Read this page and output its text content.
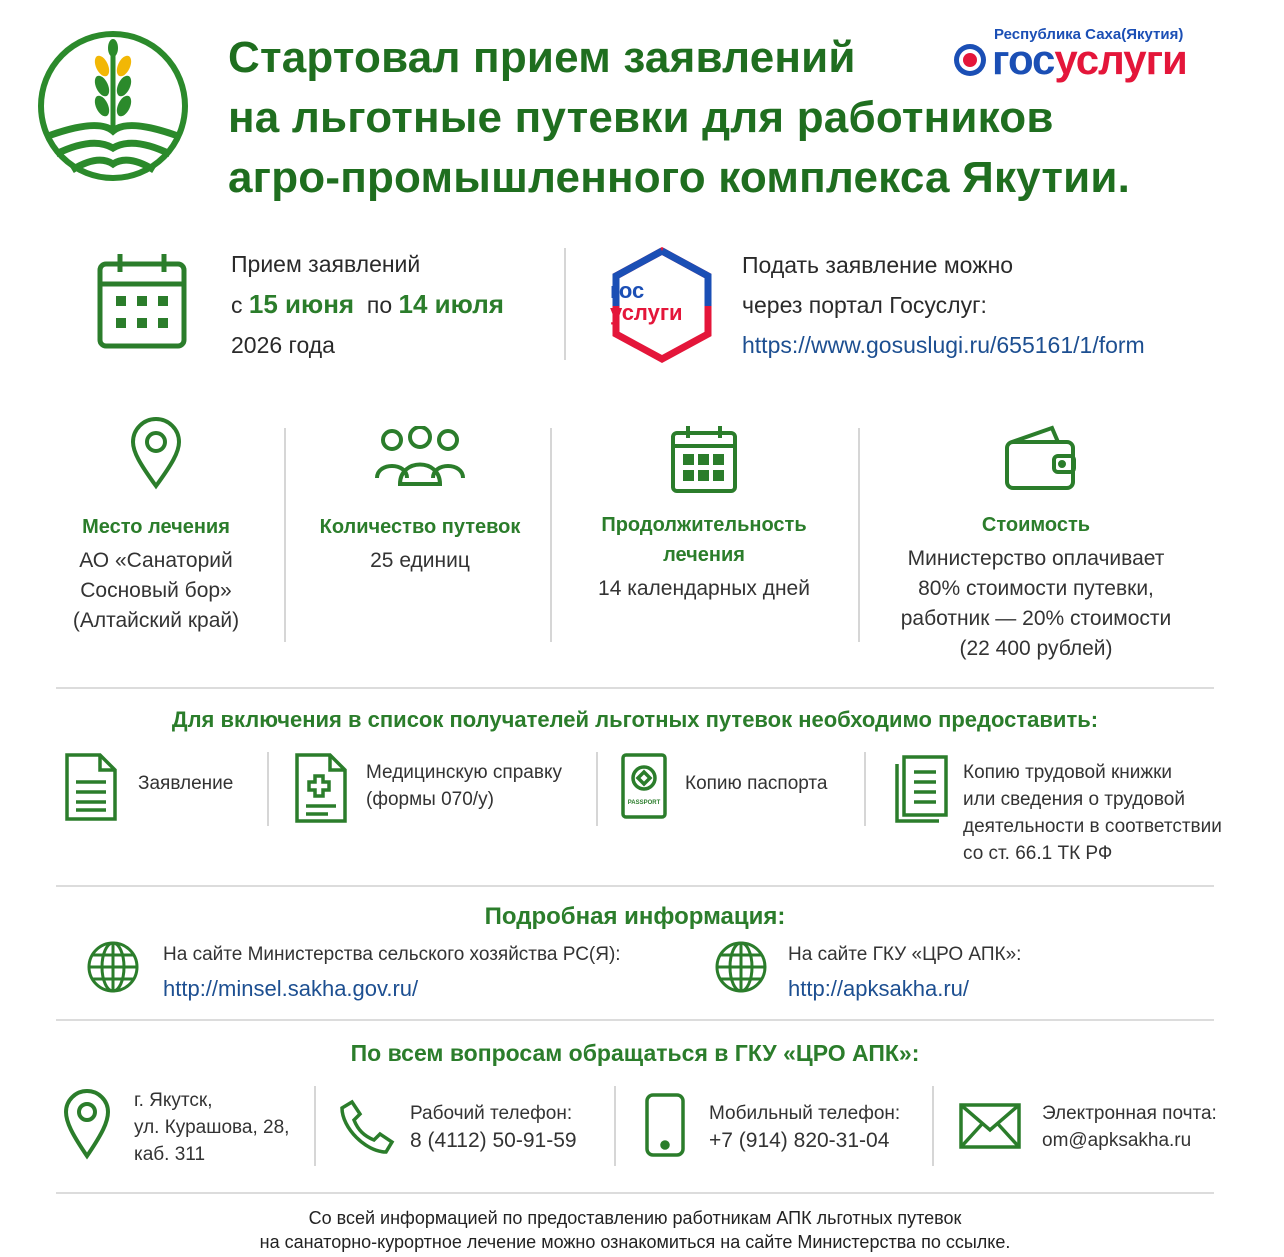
Стартовал прием заявлений
на льготные путевки для работников
агро-промышленного комплекса Якутии.
Республика Саха(Якутия)
госуслуги
Прием заявлений
с 15 июня по 14 июля
2026 года
гос
услуги
Подать заявление можно
через портал Госуслуг:
https://www.gosuslugi.ru/655161/1/form
Место лечения
АО «Санаторий
Сосновый бор»
(Алтайский край)
Количество путевок
25 единиц
Продолжительность
лечения
14 календарных дней
Стоимость
Министерство оплачивает
80% стоимости путевки,
работник — 20% стоимости
(22 400 рублей)
Для включения в список получателей льготных путевок необходимо предоставить:
Заявление
Медицинскую справку
(формы 070/у)	PASSPORT
Копию паспорта
Копию трудовой книжки
или сведения о трудовой
деятельности в соответствии
со ст. 66.1 ТК РФ
Подробная информация:
На сайте Министерства сельского хозяйства РС(Я):
http://minsel.sakha.gov.ru/
На сайте ГКУ «ЦРО АПК»:
http://apksakha.ru/
По всем вопросам обращаться в ГКУ «ЦРО АПК»:
г. Якутск,
ул. Курашова, 28,
каб. 311
Рабочий телефон:
8 (4112) 50-91-59
Мобильный телефон:
+7 (914) 820-31-04
Электронная почта:
om@apksakha.ru
Со всей информацией по предоставлению работникам АПК льготных путевок
на санаторно-курортное лечение можно ознакомиться на сайте Министерства по ссылке.
